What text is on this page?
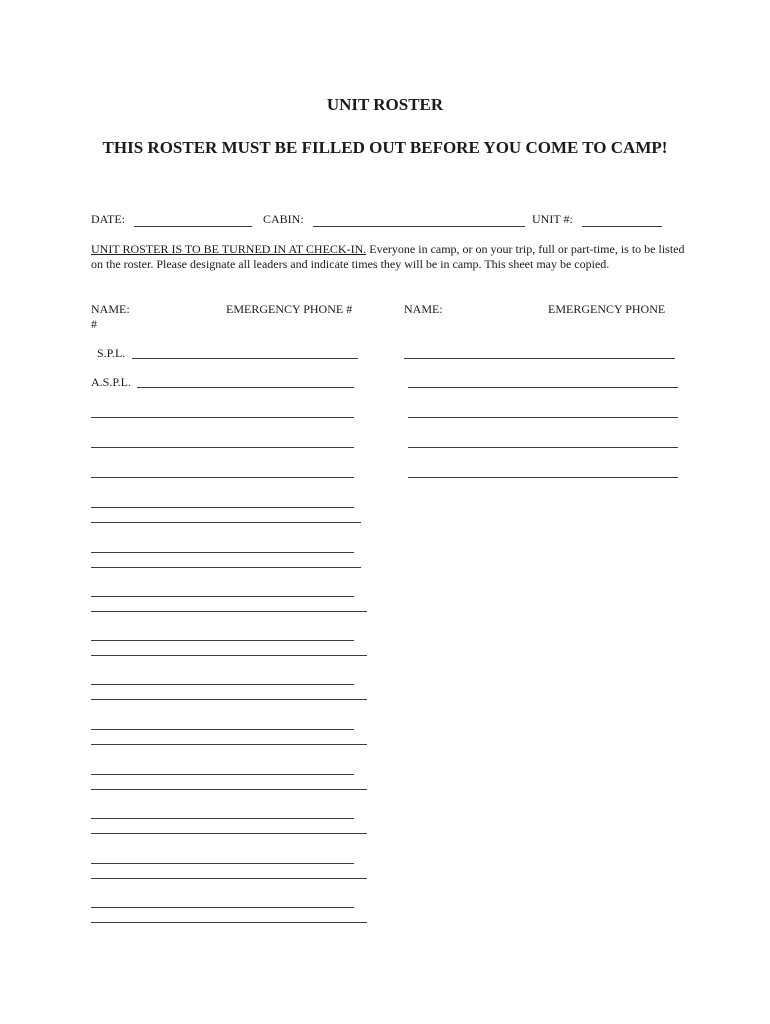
UNIT ROSTER
THIS ROSTER MUST BE FILLED OUT BEFORE YOU COME TO CAMP!
DATE:	CABIN:	UNIT #:
UNIT ROSTER IS TO BE TURNED IN AT CHECK-IN. Everyone in camp, or on your trip, full or part-time, is to be listed on the roster. Please designate all leaders and indicate times they will be in camp. This sheet may be copied.
NAME:	EMERGENCY PHONE #	NAME:	EMERGENCY PHONE
#
S.P.L.
A.S.P.L.
